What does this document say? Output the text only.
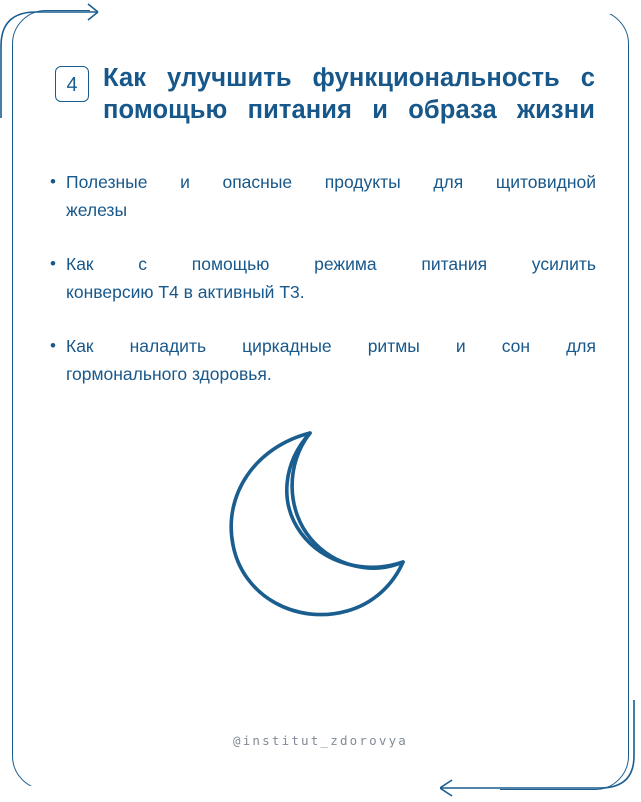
4 Как улучшить функциональность с
помощью питания и образа жизни
• Полезные и опасные продукты для щитовидной
железы
• Как с помощью режима питания усилить
конверсию Т4 в активный Т3.
• Как наладить циркадные ритмы и сон для
гормонального здоровья.
@institut_zdorovya
